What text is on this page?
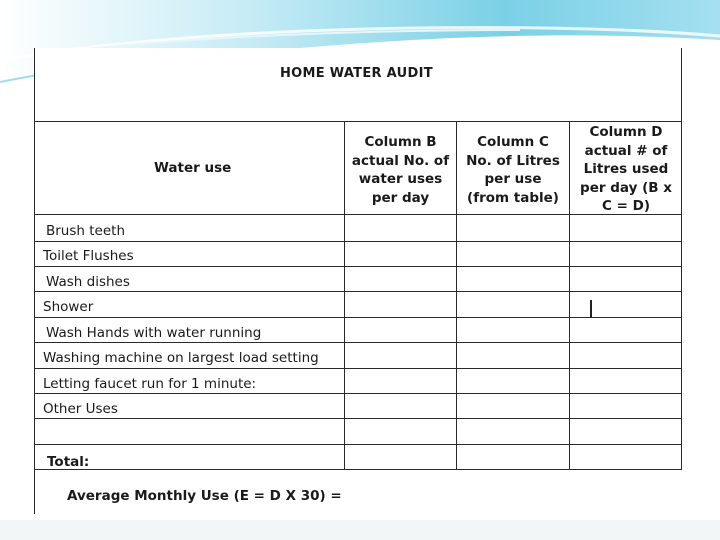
HOME WATER AUDIT
Water use
Column B
actual No. of
water uses
per day
Column C
No. of Litres
per use
(from table)
Column D
actual # of
Litres used
per day (B x
C = D)
Brush teeth
Toilet Flushes
Wash dishes
Shower
Wash Hands with water running
Washing machine on largest load setting
Letting faucet run for 1 minute:
Other Uses
Total:
Average Monthly Use (E = D X 30) =
